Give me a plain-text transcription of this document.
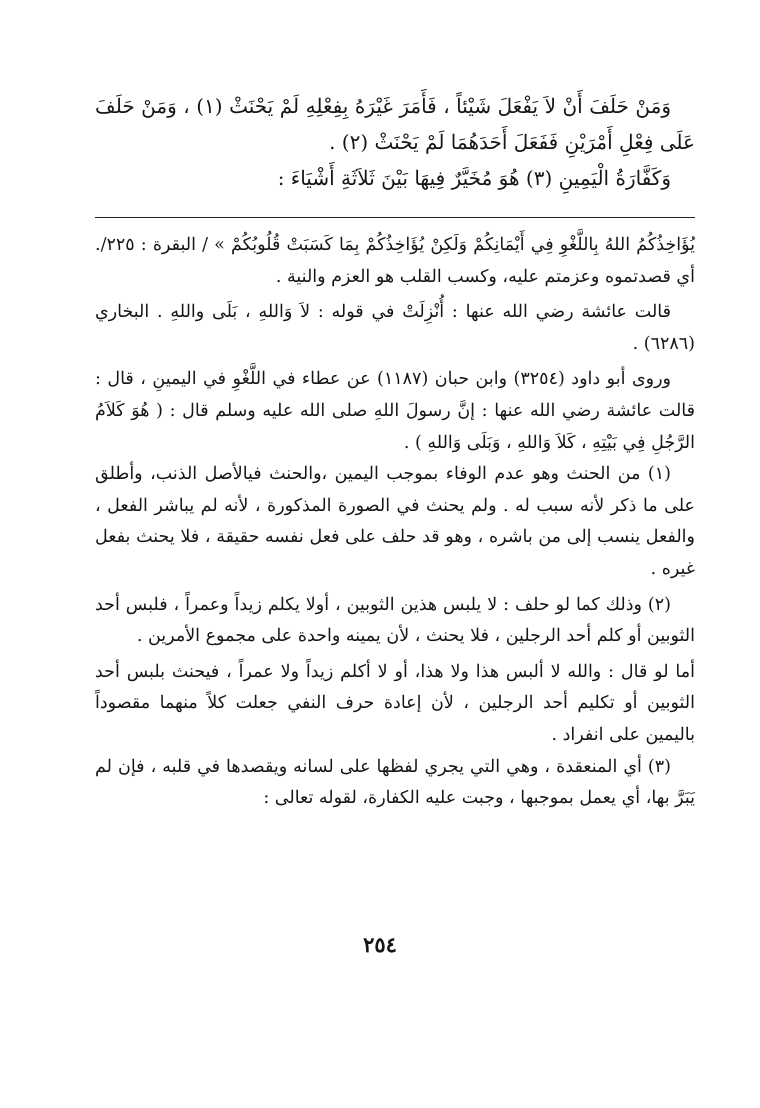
وَمَنْ حَلَفَ أَنْ لاَ يَفْعَلَ شَيْئاً ، فَأَمَرَ غَيْرَهُ بِفِعْلِهِ لَمْ يَحْنَثْ (١) ، وَمَنْ حَلَفَ عَلَى فِعْلِ أَمْرَيْنِ فَفَعَلَ أَحَدَهُمَا لَمْ يَحْنَثْ (٢) .

وَكَفَّارَةُ الْيَمِينِ (٣) هُوَ مُخَيَّرٌ فِيهَا بَيْنَ ثَلاَثَةِ أَشْيَاءَ :

يُؤَاخِذُكُمُ اللهُ بِاللَّغْوِ فِي أَيْمَانِكُمْ وَلَكِنْ يُؤَاخِذُكُمْ بِمَا كَسَبَتْ قُلُوبُكُمْ » / البقرة : ٢٢٥/. أي قصدتموه وعزمتم عليه، وكسب القلب هو العزم والنية .

قالت عائشة رضي الله عنها : أُنْزِلَتْ في قوله : لاَ وَاللهِ ، بَلَى واللهِ . البخاري (٦٢٨٦) .

وروى أبو داود (٣٢٥٤) وابن حبان (١١٨٧) عن عطاء في اللَّغْوِ في اليمينِ ، قال : قالت عائشة رضي الله عنها : إنَّ رسولَ اللهِ صلى الله عليه وسلم قال : ( هُوَ كَلاَمُ الرَّجُلِ فِي بَيْتِهِ ، كَلاَ وَاللهِ ، وَبَلَى وَاللهِ ) .

(١) من الحنث وهو عدم الوفاء بموجب اليمين ،والحنث فيالأصل الذنب، وأطلق على ما ذكر لأنه سبب له . ولم يحنث في الصورة المذكورة ، لأنه لم يباشر الفعل ، والفعل ينسب إلى من باشره ، وهو قد حلف على فعل نفسه حقيقة ، فلا يحنث بفعل غيره .

(٢) وذلك كما لو حلف : لا يلبس هذين الثوبين ، أولا يكلم زيداً وعمراً ، فلبس أحد الثوبين أو كلم أحد الرجلين ، فلا يحنث ، لأن يمينه واحدة على مجموع الأمرين .

أما لو قال : والله لا ألبس هذا ولا هذا، أو لا أكلم زيداً ولا عمراً ، فيحنث بلبس أحد الثوبين أو تكليم أحد الرجلين ، لأن إعادة حرف النفي جعلت كلاً منهما مقصوداً باليمين على انفراد .

(٣) أي المنعقدة ، وهي التي يجري لفظها على لسانه ويقصدها في قلبه ، فإن لم يَبَرَّ بها، أي يعمل بموجبها ، وجبت عليه الكفارة، لقوله تعالى :

٢٥٤
